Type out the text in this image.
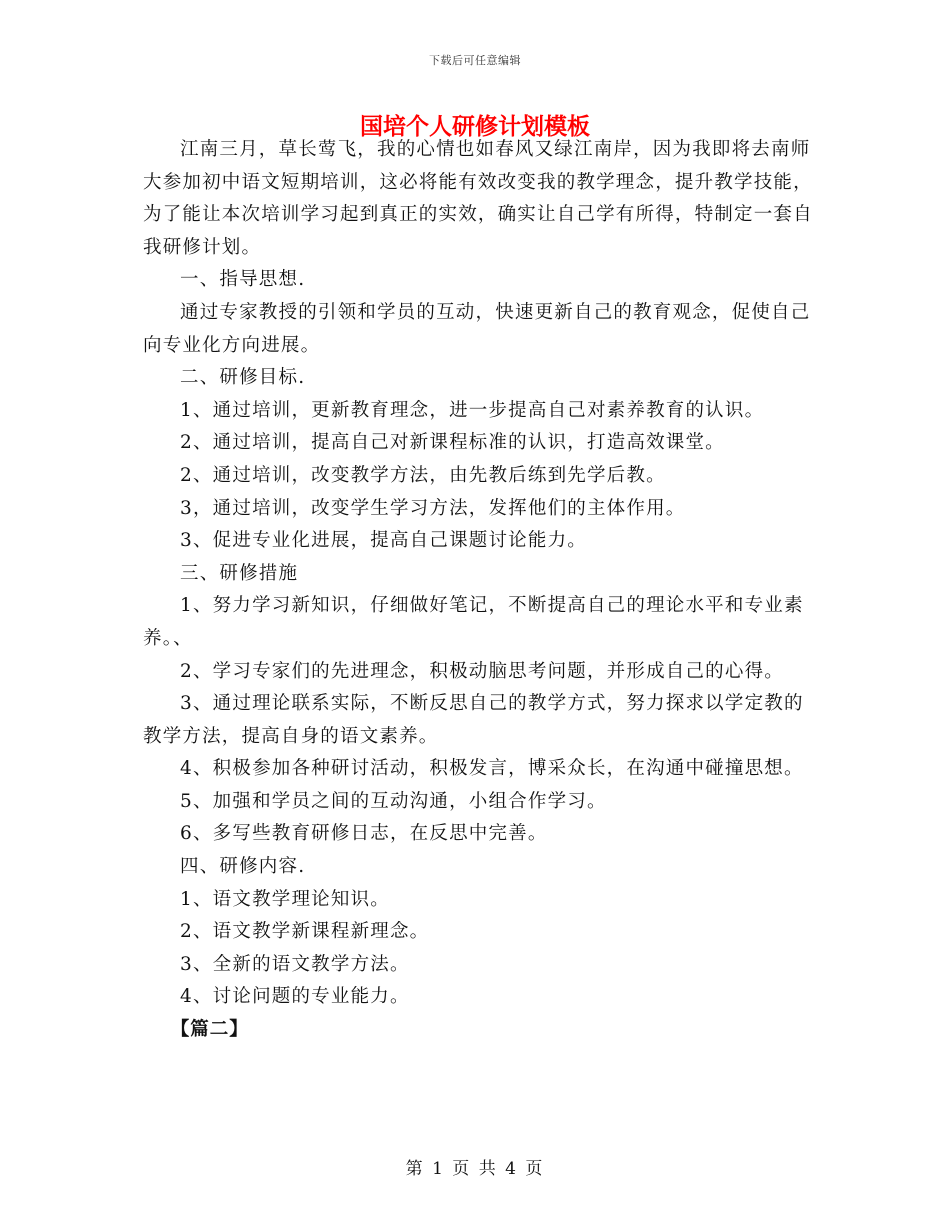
下载后可任意编辑
国培个人研修计划模板

江南三月，草长莺飞，我的心情也如春风又绿江南岸，因为我即将去南师大参加初中语文短期培训，这必将能有效改变我的教学理念，提升教学技能，为了能让本次培训学习起到真正的实效，确实让自己学有所得，特制定一套自我研修计划。

一、指导思想.

通过专家教授的引领和学员的互动，快速更新自己的教育观念，促使自己向专业化方向进展。

二、研修目标.

1、通过培训，更新教育理念，进一步提高自己对素养教育的认识。

2、通过培训，提高自己对新课程标准的认识，打造高效课堂。

2、通过培训，改变教学方法，由先教后练到先学后教。

3，通过培训，改变学生学习方法，发挥他们的主体作用。

3、促进专业化进展，提高自己课题讨论能力。

三、研修措施

1、努力学习新知识，仔细做好笔记，不断提高自己的理论水平和专业素养。、

2、学习专家们的先进理念，积极动脑思考问题，并形成自己的心得。

3、通过理论联系实际，不断反思自己的教学方式，努力探求以学定教的教学方法，提高自身的语文素养。

4、积极参加各种研讨活动，积极发言，博采众长，在沟通中碰撞思想。

5、加强和学员之间的互动沟通，小组合作学习。

6、多写些教育研修日志，在反思中完善。

四、研修内容.

1、语文教学理论知识。

2、语文教学新课程新理念。

3、全新的语文教学方法。

4、讨论问题的专业能力。

【篇二】

第 1 页 共 4 页
